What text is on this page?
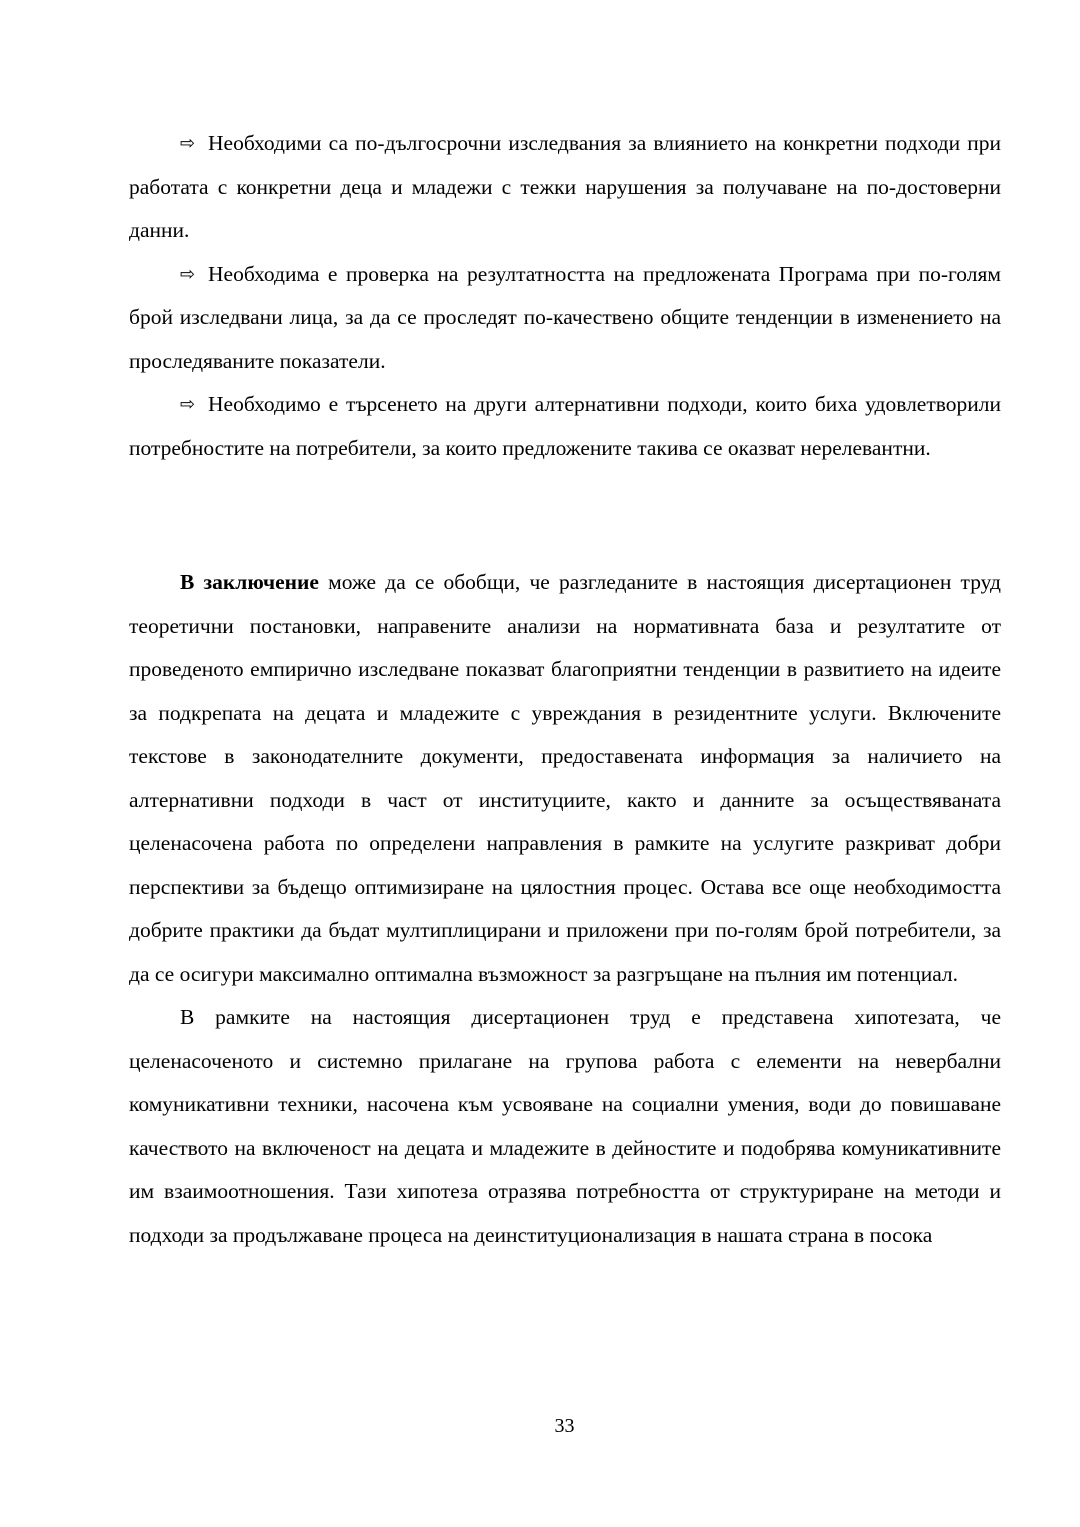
⇨ Необходими са по-дългосрочни изследвания за влиянието на конкретни подходи при работата с конкретни деца и младежи с тежки нарушения за получаване на по-достоверни данни.

⇨ Необходима е проверка на резултатността на предложената Програма при по-голям брой изследвани лица, за да се проследят по-качествено общите тенденции в изменението на проследяваните показатели.

⇨ Необходимо е търсенето на други алтернативни подходи, които биха удовлетворили потребностите на потребители, за които предложените такива се оказват нерелевантни.

В заключение може да се обобщи, че разгледаните в настоящия дисертационен труд теоретични постановки, направените анализи на нормативната база и резултатите от проведеното емпирично изследване показват благоприятни тенденции в развитието на идеите за подкрепата на децата и младежите с увреждания в резидентните услуги. Включените текстове в законодателните документи, предоставената информация за наличието на алтернативни подходи в част от институциите, както и данните за осъществяваната целенасочена работа по определени направления в рамките на услугите разкриват добри перспективи за бъдещо оптимизиране на цялостния процес. Остава все още необходимостта добрите практики да бъдат мултиплицирани и приложени при по-голям брой потребители, за да се осигури максимално оптимална възможност за разгръщане на пълния им потенциал.

В рамките на настоящия дисертационен труд е представена хипотезата, че целенасоченото и системно прилагане на групова работа с елементи на невербални комуникативни техники, насочена към усвояване на социални умения, води до повишаване качеството на включеност на децата и младежите в дейностите и подобрява комуникативните им взаимоотношения. Тази хипотеза отразява потребността от структуриране на методи и подходи за продължаване процеса на деинституционализация в нашата страна в посока

33
